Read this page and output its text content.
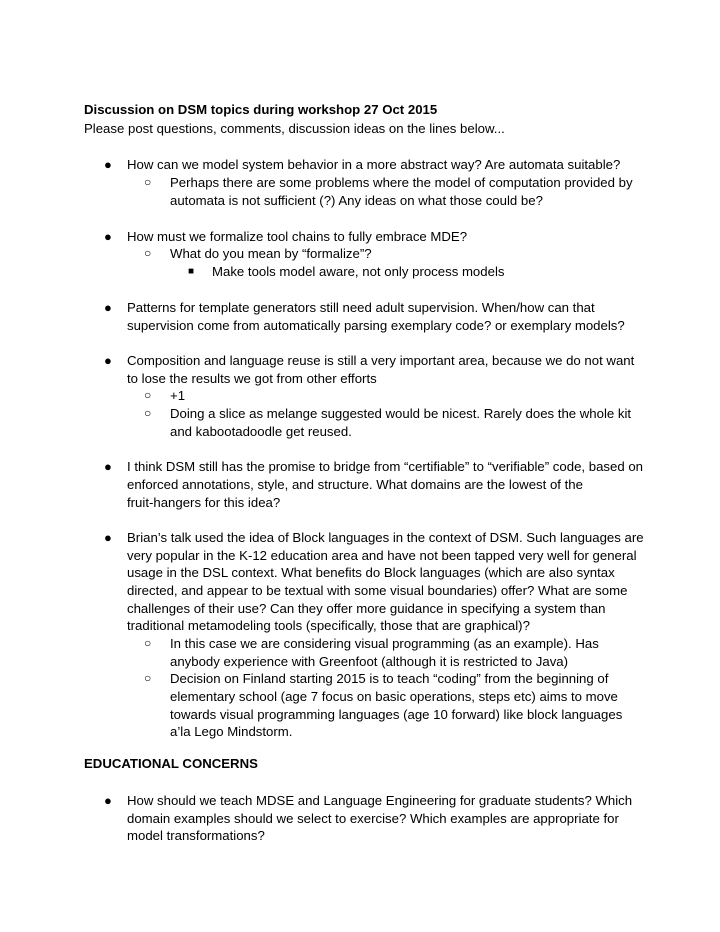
Discussion on DSM topics during workshop 27 Oct 2015
Please post questions, comments, discussion ideas on the lines below...
● How can we model system behavior in a more abstract way? Are automata suitable?
○ Perhaps there are some problems where the model of computation provided by
automata is not sufficient (?) Any ideas on what those could be?
● How must we formalize tool chains to fully embrace MDE?
○ What do you mean by “formalize”?
■ Make tools model aware, not only process models
● Patterns for template generators still need adult supervision. When/how can that
supervision come from automatically parsing exemplary code? or exemplary models?
● Composition and language reuse is still a very important area, because we do not want
to lose the results we got from other efforts
○ +1
○ Doing a slice as melange suggested would be nicest. Rarely does the whole kit
and kabootadoodle get reused.
● I think DSM still has the promise to bridge from “certifiable” to “verifiable” code, based on
enforced annotations, style, and structure. What domains are the lowest of the
fruit-hangers for this idea?
● Brian’s talk used the idea of Block languages in the context of DSM. Such languages are
very popular in the K-12 education area and have not been tapped very well for general
usage in the DSL context. What benefits do Block languages (which are also syntax
directed, and appear to be textual with some visual boundaries) offer? What are some
challenges of their use? Can they offer more guidance in specifying a system than
traditional metamodeling tools (specifically, those that are graphical)?
○ In this case we are considering visual programming (as an example). Has
anybody experience with Greenfoot (although it is restricted to Java)
○ Decision on Finland starting 2015 is to teach “coding” from the beginning of
elementary school (age 7 focus on basic operations, steps etc) aims to move
towards visual programming languages (age 10 forward) like block languages
a’la Lego Mindstorm.
EDUCATIONAL CONCERNS
● How should we teach MDSE and Language Engineering for graduate students? Which
domain examples should we select to exercise? Which examples are appropriate for
model transformations?
